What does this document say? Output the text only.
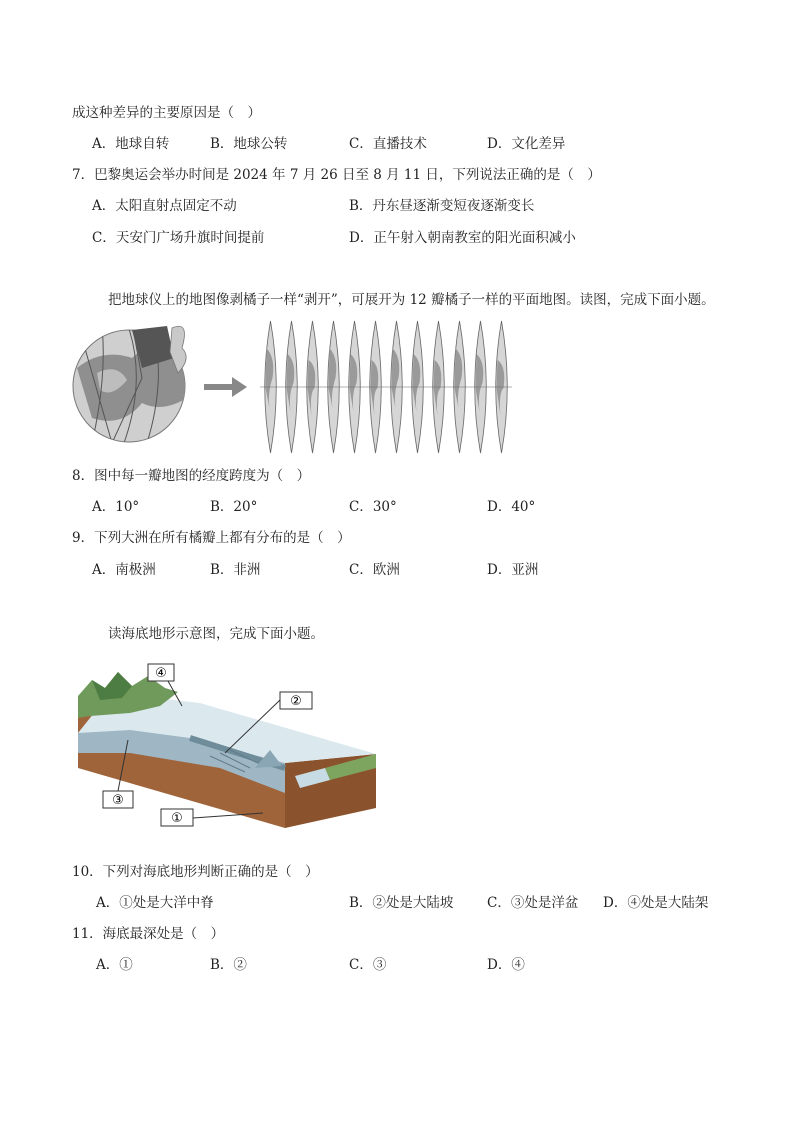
成这种差异的主要原因是（　）
A．地球自转	B．地球公转	C．直播技术	D．文化差异
7．巴黎奥运会举办时间是 2024 年 7 月 26 日至 8 月 11 日，下列说法正确的是（　）
A．太阳直射点固定不动	B．丹东昼逐渐变短夜逐渐变长
C．天安门广场升旗时间提前	D．正午射入朝南教室的阳光面积减小
把地球仪上的地图像剥橘子一样“剥开”，可展开为 12 瓣橘子一样的平面地图。读图，完成下面小题。
8．图中每一瓣地图的经度跨度为（　）
A．10°	B．20°	C．30°	D．40°
9．下列大洲在所有橘瓣上都有分布的是（　）
A．南极洲	B．非洲	C．欧洲	D．亚洲
读海底地形示意图，完成下面小题。
④
②
③
①
10．下列对海底地形判断正确的是（　）
A．①处是大洋中脊	B．②处是大陆坡 C．③处是洋盆 D．④处是大陆架
11．海底最深处是（　）
A．①	B．②	C．③	D．④
